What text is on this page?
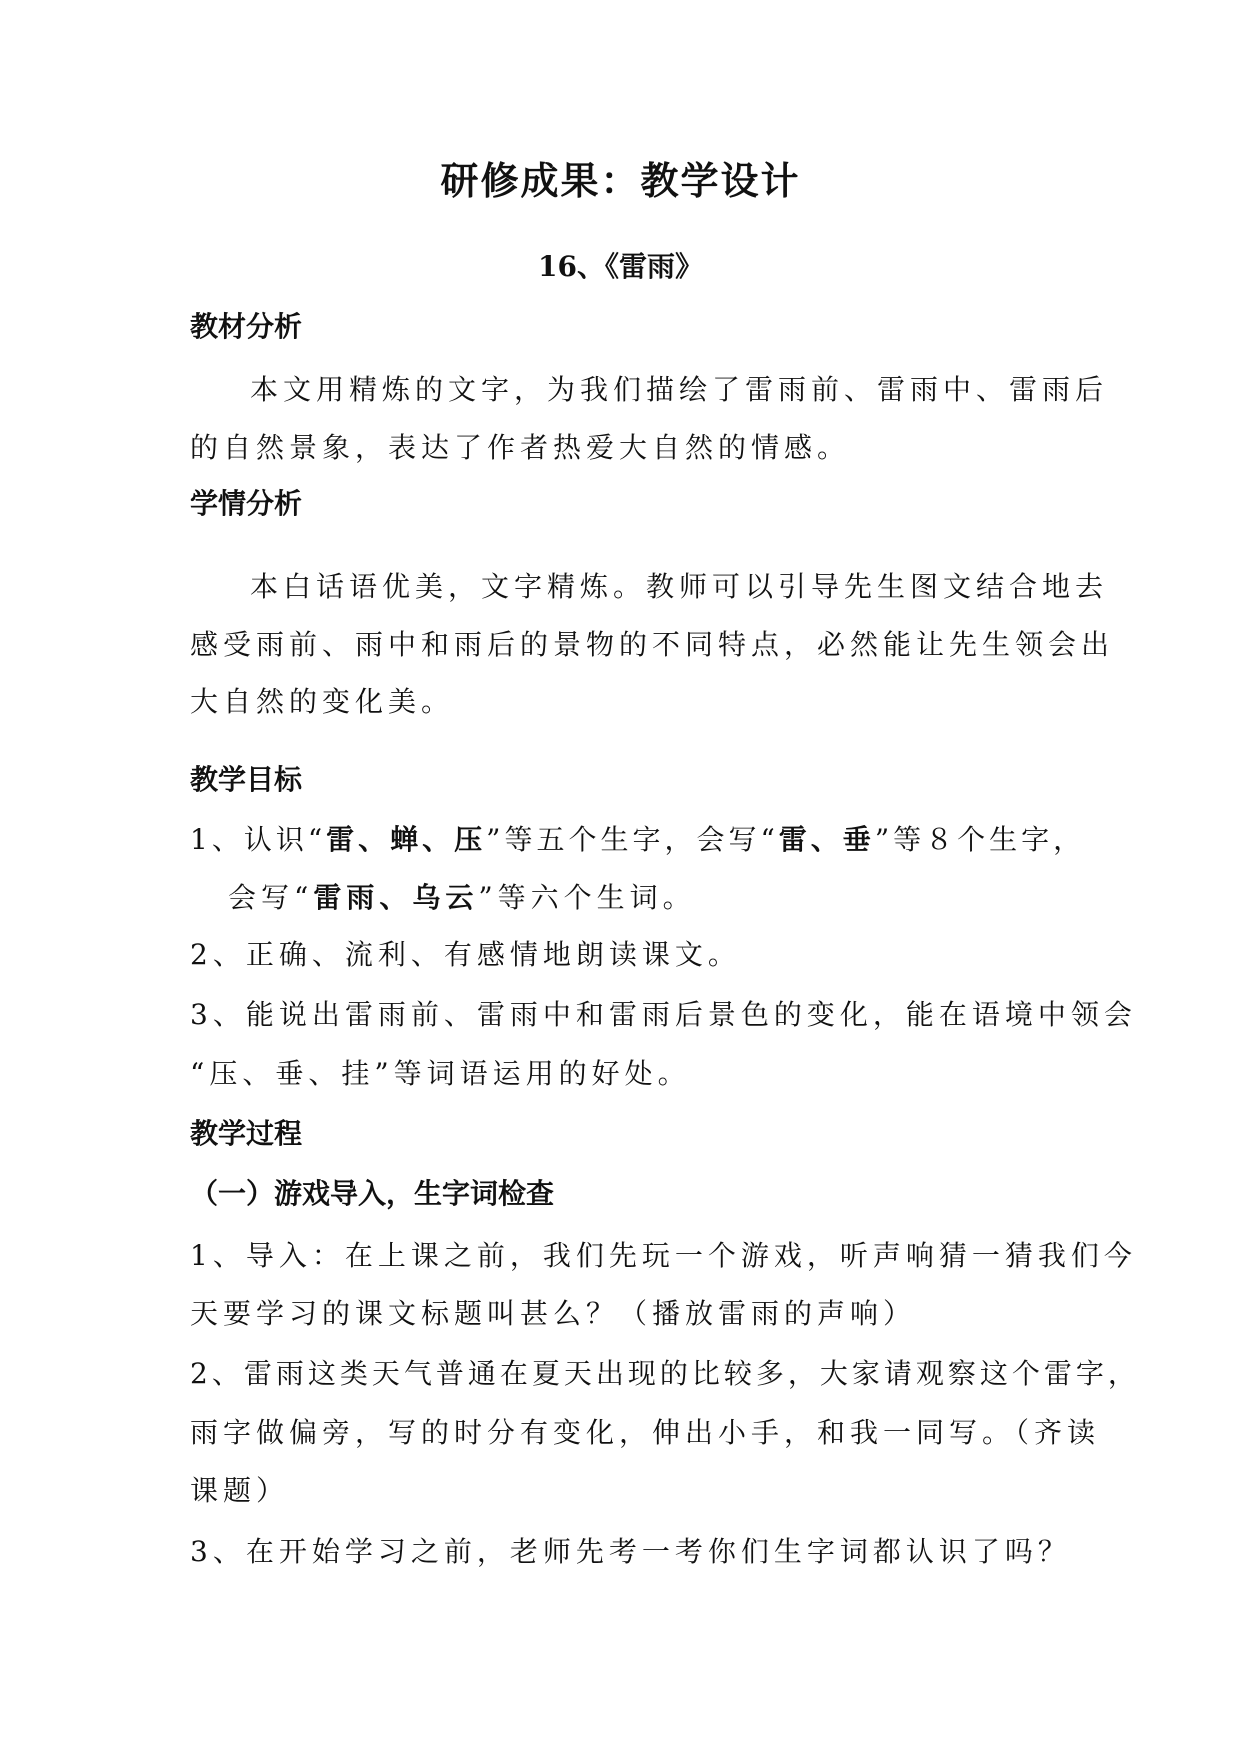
研修成果：教学设计
16、《雷雨》
教材分析
本文用精炼的文字，为我们描绘了雷雨前、雷雨中、雷雨后
的自然景象，表达了作者热爱大自然的情感。
学情分析
本白话语优美，文字精炼。教师可以引导先生图文结合地去
感受雨前、雨中和雨后的景物的不同特点，必然能让先生领会出
大自然的变化美。
教学目标
1、认识“雷、蝉、压”等五个生字，会写“雷、垂”等８个生字，
会写“雷雨、乌云”等六个生词。
2、正确、流利、有感情地朗读课文。
3、能说出雷雨前、雷雨中和雷雨后景色的变化，能在语境中领会
“压、垂、挂”等词语运用的好处。
教学过程
（一）游戏导入，生字词检查
1、导入：在上课之前，我们先玩一个游戏，听声响猜一猜我们今
天要学习的课文标题叫甚么？（播放雷雨的声响）
2、雷雨这类天气普通在夏天出现的比较多，大家请观察这个雷字，
雨字做偏旁，写的时分有变化，伸出小手，和我一同写。（齐读
课题）
3、在开始学习之前，老师先考一考你们生字词都认识了吗？
